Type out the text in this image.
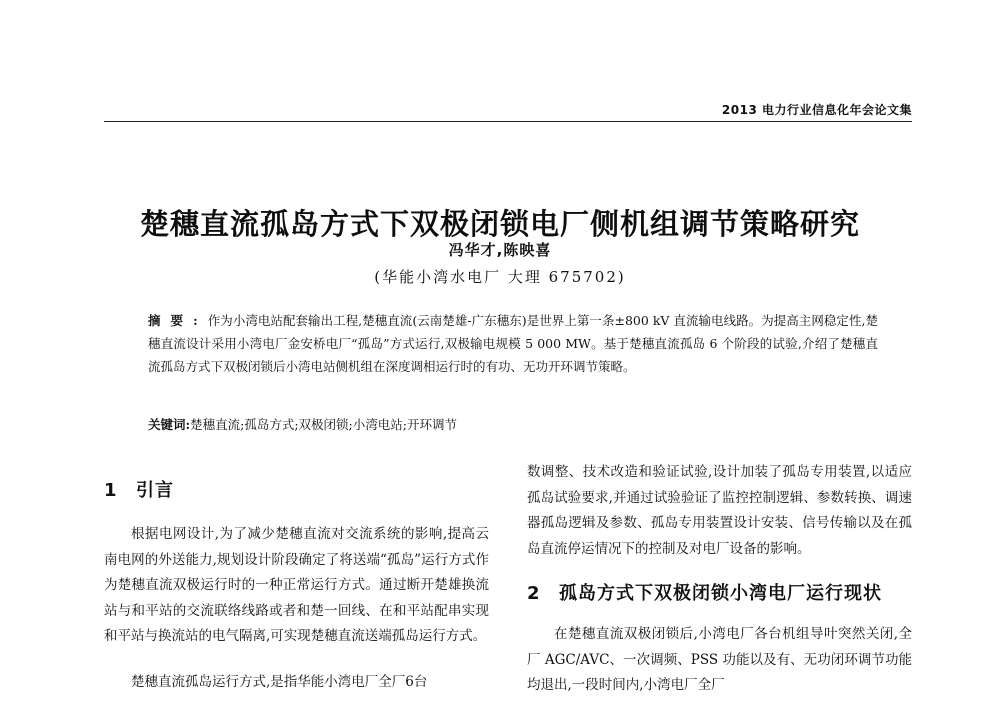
2013 电力行业信息化年会论文集
楚穗直流孤岛方式下双极闭锁电厂侧机组调节策略研究
冯华才,陈映喜
(华能小湾水电厂 大理 675702)
摘要:作为小湾电站配套输出工程,楚穗直流(云南楚雄-广东穗东)是世界上第一条±800 kV 直流输电线路。为提高主网稳定性,楚穗直流设计采用小湾电厂金安桥电厂“孤岛”方式运行,双极输电规模 5 000 MW。基于楚穗直流孤岛 6 个阶段的试验,介绍了楚穗直流孤岛方式下双极闭锁后小湾电站侧机组在深度调相运行时的有功、无功开环调节策略。
关键词:楚穗直流;孤岛方式;双极闭锁;小湾电站;开环调节
1 引言

根据电网设计,为了减少楚穗直流对交流系统的影响,提高云南电网的外送能力,规划设计阶段确定了将送端“孤岛”运行方式作为楚穗直流双极运行时的一种正常运行方式。通过断开楚雄换流站与和平站的交流联络线路或者和楚一回线、在和平站配串实现和平站与换流站的电气隔离,可实现楚穗直流送端孤岛运行方式。

楚穗直流孤岛运行方式,是指华能小湾电厂全厂6台

数调整、技术改造和验证试验,设计加装了孤岛专用装置,以适应孤岛试验要求,并通过试验验证了监控控制逻辑、参数转换、调速器孤岛逻辑及参数、孤岛专用装置设计安装、信号传输以及在孤岛直流停运情况下的控制及对电厂设备的影响。

2 孤岛方式下双极闭锁小湾电厂运行现状

在楚穗直流双极闭锁后,小湾电厂各台机组导叶突然关闭,全厂 AGC/AVC、一次调频、PSS 功能以及有、无功闭环调节功能均退出,一段时间内,小湾电厂全厂
